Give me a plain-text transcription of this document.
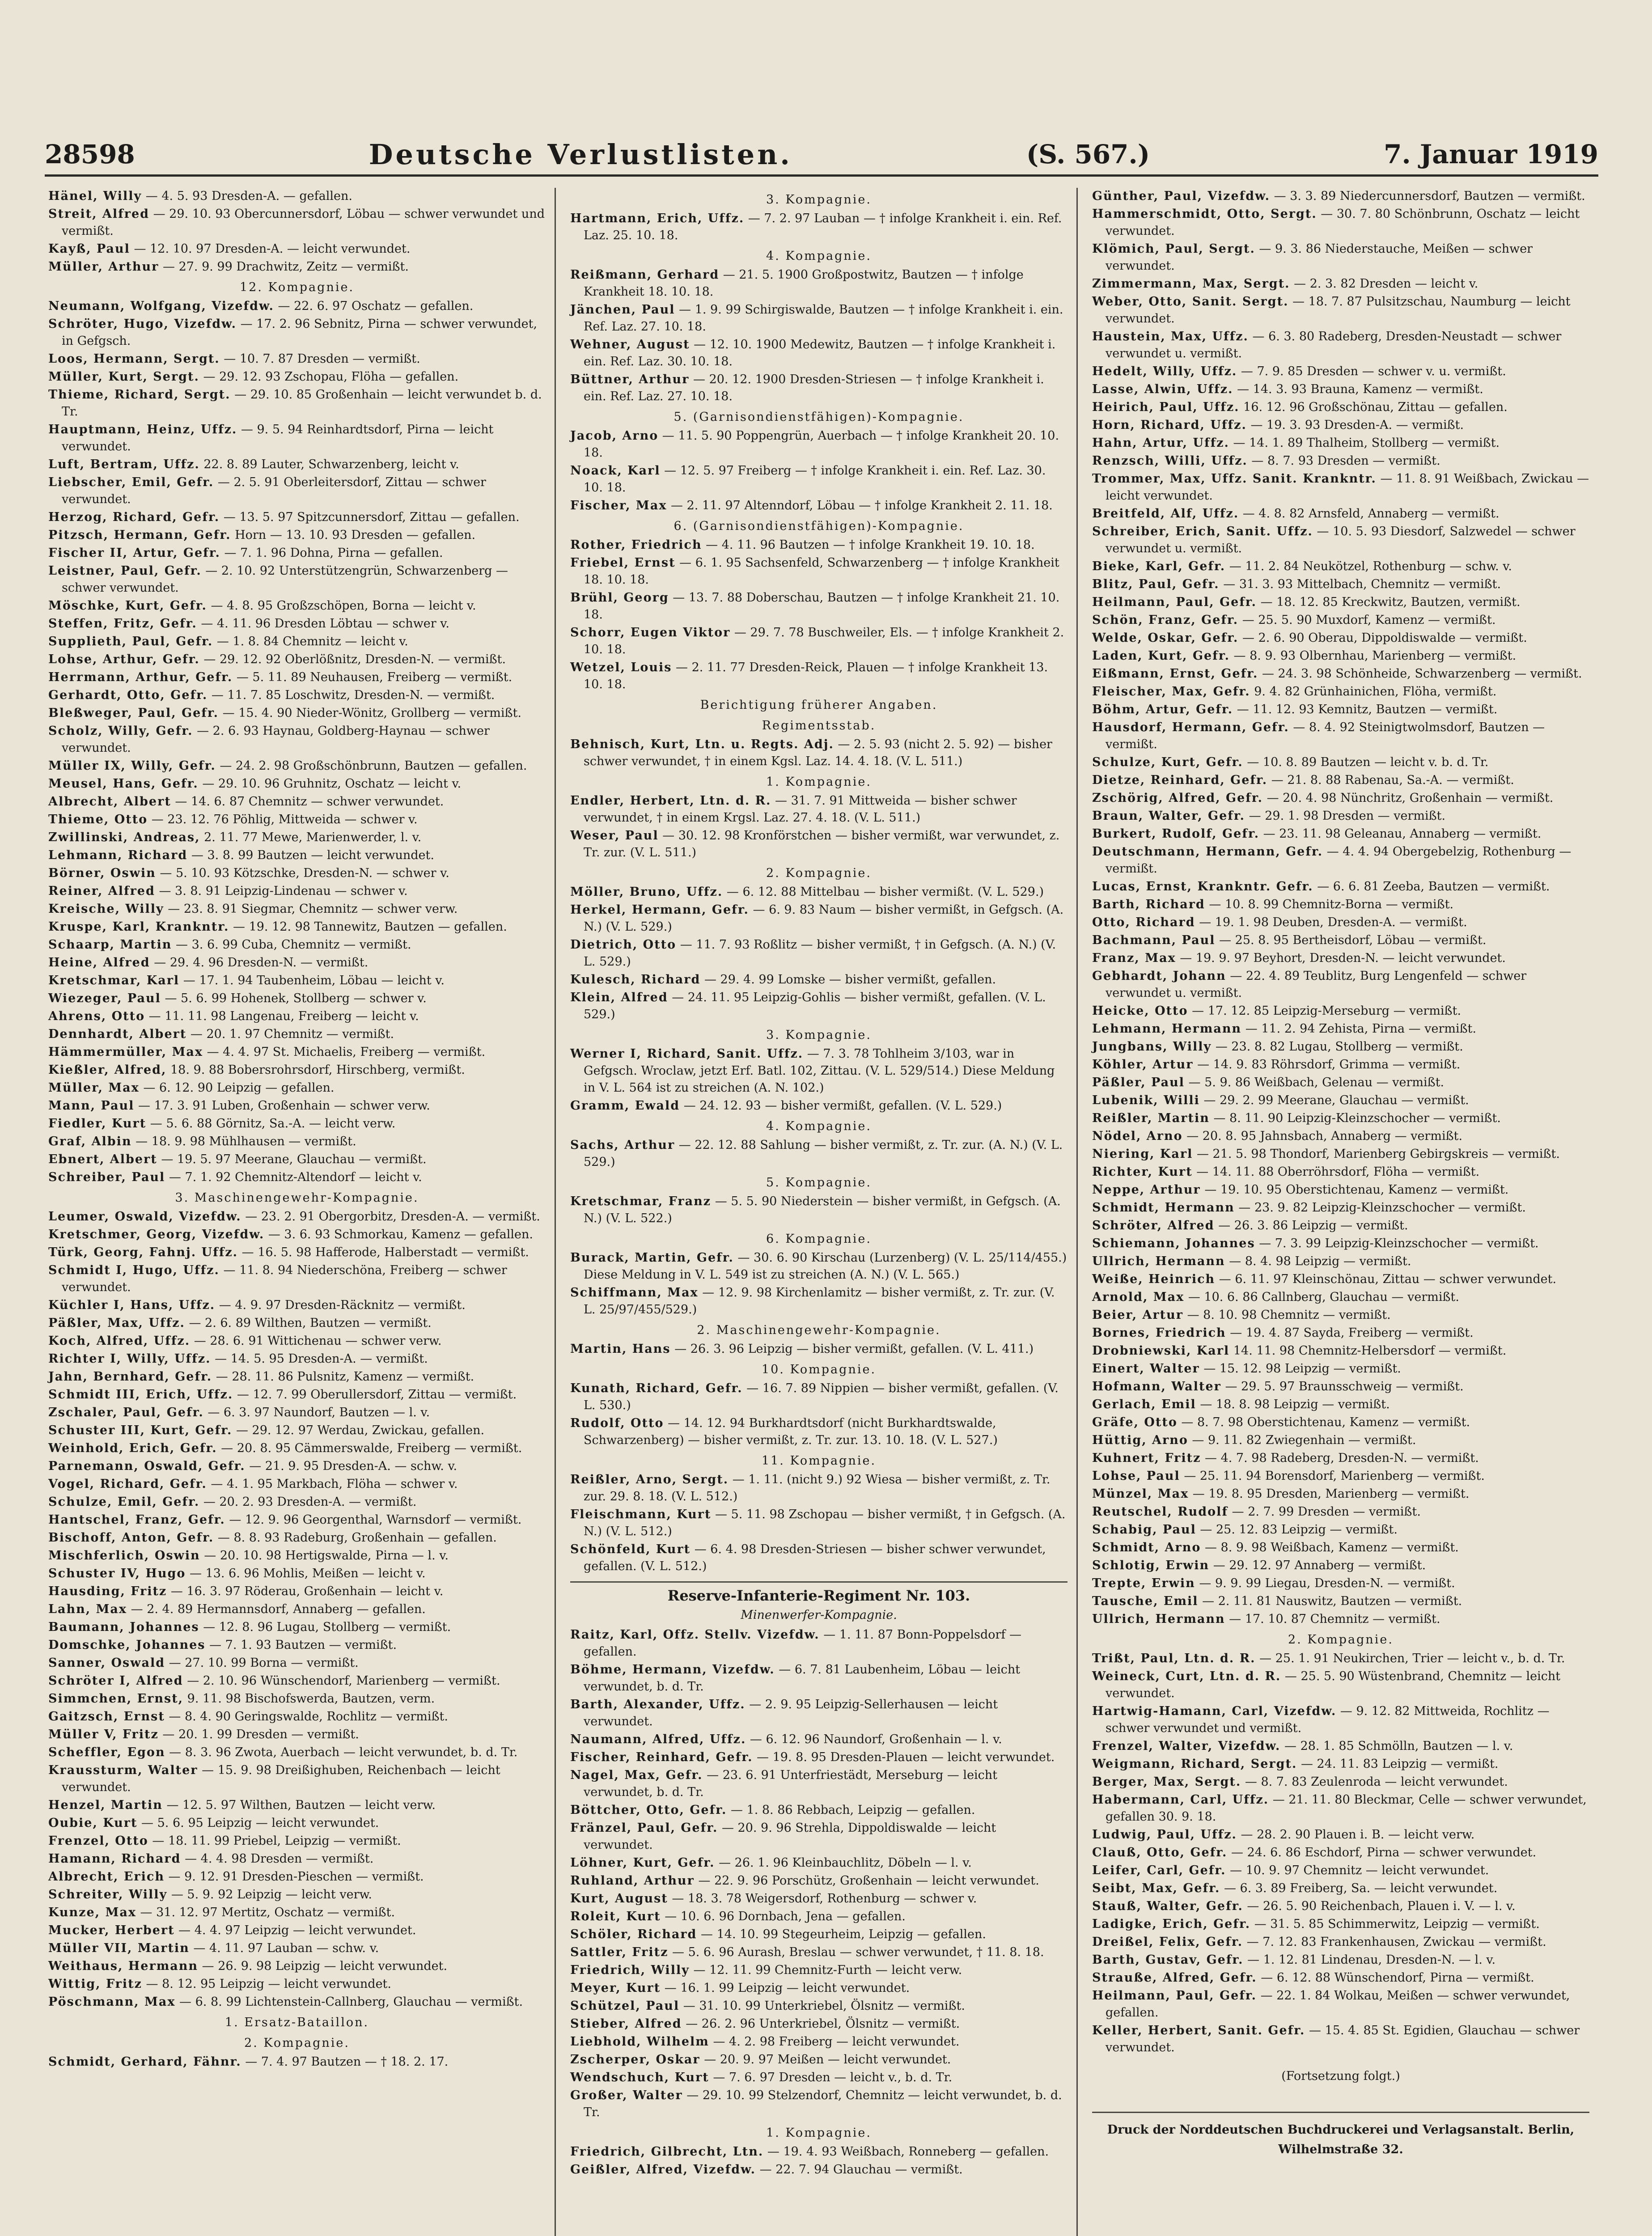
28598	Deutsche Verlustlisten.	(S. 567.)	7. Januar 1919
Hänel, Willy — 4. 5. 93 Dresden-A. — gefallen.
Streit, Alfred — 29. 10. 93 Obercunnersdorf, Löbau — schwer verwundet und vermißt.
Kayß, Paul — 12. 10. 97 Dresden-A. — leicht verwundet.
Müller, Arthur — 27. 9. 99 Drachwitz, Zeitz — vermißt.
12. Kompagnie.
Neumann, Wolfgang, Vizefdw. — 22. 6. 97 Oschatz — gefallen.
Schröter, Hugo, Vizefdw. — 17. 2. 96 Sebnitz, Pirna — schwer verwundet, in Gefgsch.
Loos, Hermann, Sergt. — 10. 7. 87 Dresden — vermißt.
Müller, Kurt, Sergt. — 29. 12. 93 Zschopau, Flöha — gefallen.
Thieme, Richard, Sergt. — 29. 10. 85 Großenhain — leicht verwundet b. d. Tr.
Hauptmann, Heinz, Uffz. — 9. 5. 94 Reinhardtsdorf, Pirna — leicht verwundet.
Luft, Bertram, Uffz. 22. 8. 89 Lauter, Schwarzenberg, leicht v.
Liebscher, Emil, Gefr. — 2. 5. 91 Oberleitersdorf, Zittau — schwer verwundet.
Herzog, Richard, Gefr. — 13. 5. 97 Spitzcunnersdorf, Zittau — gefallen.
Pitzsch, Hermann, Gefr. Horn — 13. 10. 93 Dresden — gefallen.
Fischer II, Artur, Gefr. — 7. 1. 96 Dohna, Pirna — gefallen.
Leistner, Paul, Gefr. — 2. 10. 92 Unterstützengrün, Schwarzenberg — schwer verwundet.
Möschke, Kurt, Gefr. — 4. 8. 95 Großzschöpen, Borna — leicht v.
Steffen, Fritz, Gefr. — 4. 11. 96 Dresden Löbtau — schwer v.
Supplieth, Paul, Gefr. — 1. 8. 84 Chemnitz — leicht v.
Lohse, Arthur, Gefr. — 29. 12. 92 Oberlößnitz, Dresden-N. — vermißt.
Herrmann, Arthur, Gefr. — 5. 11. 89 Neuhausen, Freiberg — vermißt.
Gerhardt, Otto, Gefr. — 11. 7. 85 Loschwitz, Dresden-N. — vermißt.
Bleßweger, Paul, Gefr. — 15. 4. 90 Nieder-Wönitz, Grollberg — vermißt.
Scholz, Willy, Gefr. — 2. 6. 93 Haynau, Goldberg-Haynau — schwer verwundet.
Müller IX, Willy, Gefr. — 24. 2. 98 Großschönbrunn, Bautzen — gefallen.
Meusel, Hans, Gefr. — 29. 10. 96 Gruhnitz, Oschatz — leicht v.
Albrecht, Albert — 14. 6. 87 Chemnitz — schwer verwundet.
Thieme, Otto — 23. 12. 76 Pöhlig, Mittweida — schwer v.
Zwillinski, Andreas, 2. 11. 77 Mewe, Marienwerder, l. v.
Lehmann, Richard — 3. 8. 99 Bautzen — leicht verwundet.
Börner, Oswin — 5. 10. 93 Kötzschke, Dresden-N. — schwer v.
Reiner, Alfred — 3. 8. 91 Leipzig-Lindenau — schwer v.
Kreische, Willy — 23. 8. 91 Siegmar, Chemnitz — schwer verw.
Kruspe, Karl, Krankntr. — 19. 12. 98 Tannewitz, Bautzen — gefallen.
Schaarp, Martin — 3. 6. 99 Cuba, Chemnitz — vermißt.
Heine, Alfred — 29. 4. 96 Dresden-N. — vermißt.
Kretschmar, Karl — 17. 1. 94 Taubenheim, Löbau — leicht v.
Wiezeger, Paul — 5. 6. 99 Hohenek, Stollberg — schwer v.
Ahrens, Otto — 11. 11. 98 Langenau, Freiberg — leicht v.
Dennhardt, Albert — 20. 1. 97 Chemnitz — vermißt.
Hämmermüller, Max — 4. 4. 97 St. Michaelis, Freiberg — vermißt.
Kießler, Alfred, 18. 9. 88 Bobersrohrsdorf, Hirschberg, vermißt.
Müller, Max — 6. 12. 90 Leipzig — gefallen.
Mann, Paul — 17. 3. 91 Luben, Großenhain — schwer verw.
Fiedler, Kurt — 5. 6. 88 Görnitz, Sa.-A. — leicht verw.
Graf, Albin — 18. 9. 98 Mühlhausen — vermißt.
Ebnert, Albert — 19. 5. 97 Meerane, Glauchau — vermißt.
Schreiber, Paul — 7. 1. 92 Chemnitz-Altendorf — leicht v.
3. Maschinengewehr-Kompagnie.
Leumer, Oswald, Vizefdw. — 23. 2. 91 Obergorbitz, Dresden-A. — vermißt.
Kretschmer, Georg, Vizefdw. — 3. 6. 93 Schmorkau, Kamenz — gefallen.
Türk, Georg, Fahnj. Uffz. — 16. 5. 98 Hafferode, Halberstadt — vermißt.
Schmidt I, Hugo, Uffz. — 11. 8. 94 Niederschöna, Freiberg — schwer verwundet.
Küchler I, Hans, Uffz. — 4. 9. 97 Dresden-Räcknitz — vermißt.
Päßler, Max, Uffz. — 2. 6. 89 Wilthen, Bautzen — vermißt.
Koch, Alfred, Uffz. — 28. 6. 91 Wittichenau — schwer verw.
Richter I, Willy, Uffz. — 14. 5. 95 Dresden-A. — vermißt.
Jahn, Bernhard, Gefr. — 28. 11. 86 Pulsnitz, Kamenz — vermißt.
Schmidt III, Erich, Uffz. — 12. 7. 99 Oberullersdorf, Zittau — vermißt.
Zschaler, Paul, Gefr. — 6. 3. 97 Naundorf, Bautzen — l. v.
Schuster III, Kurt, Gefr. — 29. 12. 97 Werdau, Zwickau, gefallen.
Weinhold, Erich, Gefr. — 20. 8. 95 Cämmerswalde, Freiberg — vermißt.
Parnemann, Oswald, Gefr. — 21. 9. 95 Dresden-A. — schw. v.
Vogel, Richard, Gefr. — 4. 1. 95 Markbach, Flöha — schwer v.
Schulze, Emil, Gefr. — 20. 2. 93 Dresden-A. — vermißt.
Hantschel, Franz, Gefr. — 12. 9. 96 Georgenthal, Warnsdorf — vermißt.
Bischoff, Anton, Gefr. — 8. 8. 93 Radeburg, Großenhain — gefallen.
Mischferlich, Oswin — 20. 10. 98 Hertigswalde, Pirna — l. v.
Schuster IV, Hugo — 13. 6. 96 Mohlis, Meißen — leicht v.
Hausding, Fritz — 16. 3. 97 Röderau, Großenhain — leicht v.
Lahn, Max — 2. 4. 89 Hermannsdorf, Annaberg — gefallen.
Baumann, Johannes — 12. 8. 96 Lugau, Stollberg — vermißt.
Domschke, Johannes — 7. 1. 93 Bautzen — vermißt.
Sanner, Oswald — 27. 10. 99 Borna — vermißt.
Schröter I, Alfred — 2. 10. 96 Wünschendorf, Marienberg — vermißt.
Simmchen, Ernst, 9. 11. 98 Bischofswerda, Bautzen, verm.
Gaitzsch, Ernst — 8. 4. 90 Geringswalde, Rochlitz — vermißt.
Müller V, Fritz — 20. 1. 99 Dresden — vermißt.
Scheffler, Egon — 8. 3. 96 Zwota, Auerbach — leicht verwundet, b. d. Tr.
Kraussturm, Walter — 15. 9. 98 Dreißighuben, Reichenbach — leicht verwundet.
Henzel, Martin — 12. 5. 97 Wilthen, Bautzen — leicht verw.
Oubie, Kurt — 5. 6. 95 Leipzig — leicht verwundet.
Frenzel, Otto — 18. 11. 99 Priebel, Leipzig — vermißt.
Hamann, Richard — 4. 4. 98 Dresden — vermißt.
Albrecht, Erich — 9. 12. 91 Dresden-Pieschen — vermißt.
Schreiter, Willy — 5. 9. 92 Leipzig — leicht verw.
Kunze, Max — 31. 12. 97 Mertitz, Oschatz — vermißt.
Mucker, Herbert — 4. 4. 97 Leipzig — leicht verwundet.
Müller VII, Martin — 4. 11. 97 Lauban — schw. v.
Weithaus, Hermann — 26. 9. 98 Leipzig — leicht verwundet.
Wittig, Fritz — 8. 12. 95 Leipzig — leicht verwundet.
Pöschmann, Max — 6. 8. 99 Lichtenstein-Callnberg, Glauchau — vermißt.
1. Ersatz-Bataillon.
2. Kompagnie.
Schmidt, Gerhard, Fähnr. — 7. 4. 97 Bautzen — † 18. 2. 17.
3. Kompagnie.
Hartmann, Erich, Uffz. — 7. 2. 97 Lauban — † infolge Krankheit i. ein. Ref. Laz. 25. 10. 18.
4. Kompagnie.
Reißmann, Gerhard — 21. 5. 1900 Großpostwitz, Bautzen — † infolge Krankheit 18. 10. 18.
Jänchen, Paul — 1. 9. 99 Schirgiswalde, Bautzen — † infolge Krankheit i. ein. Ref. Laz. 27. 10. 18.
Wehner, August — 12. 10. 1900 Medewitz, Bautzen — † infolge Krankheit i. ein. Ref. Laz. 30. 10. 18.
Büttner, Arthur — 20. 12. 1900 Dresden-Striesen — † infolge Krankheit i. ein. Ref. Laz. 27. 10. 18.
5. (Garnisondienstfähigen)-Kompagnie.
Jacob, Arno — 11. 5. 90 Poppengrün, Auerbach — † infolge Krankheit 20. 10. 18.
Noack, Karl — 12. 5. 97 Freiberg — † infolge Krankheit i. ein. Ref. Laz. 30. 10. 18.
Fischer, Max — 2. 11. 97 Altenndorf, Löbau — † infolge Krankheit 2. 11. 18.
6. (Garnisondienstfähigen)-Kompagnie.
Rother, Friedrich — 4. 11. 96 Bautzen — † infolge Krankheit 19. 10. 18.
Friebel, Ernst — 6. 1. 95 Sachsenfeld, Schwarzenberg — † infolge Krankheit 18. 10. 18.
Brühl, Georg — 13. 7. 88 Doberschau, Bautzen — † infolge Krankheit 21. 10. 18.
Schorr, Eugen Viktor — 29. 7. 78 Buschweiler, Els. — † infolge Krankheit 2. 10. 18.
Wetzel, Louis — 2. 11. 77 Dresden-Reick, Plauen — † infolge Krankheit 13. 10. 18.
Berichtigung früherer Angaben.
Regimentsstab.
Behnisch, Kurt, Ltn. u. Regts. Adj. — 2. 5. 93 (nicht 2. 5. 92) — bisher schwer verwundet, † in einem Kgsl. Laz. 14. 4. 18. (V. L. 511.)
1. Kompagnie.
Endler, Herbert, Ltn. d. R. — 31. 7. 91 Mittweida — bisher schwer verwundet, † in einem Krgsl. Laz. 27. 4. 18. (V. L. 511.)
Weser, Paul — 30. 12. 98 Kronförstchen — bisher vermißt, war verwundet, z. Tr. zur. (V. L. 511.)
2. Kompagnie.
Möller, Bruno, Uffz. — 6. 12. 88 Mittelbau — bisher vermißt. (V. L. 529.)
Herkel, Hermann, Gefr. — 6. 9. 83 Naum — bisher vermißt, in Gefgsch. (A. N.) (V. L. 529.)
Dietrich, Otto — 11. 7. 93 Roßlitz — bisher vermißt, † in Gefgsch. (A. N.) (V. L. 529.)
Kulesch, Richard — 29. 4. 99 Lomske — bisher vermißt, gefallen.
Klein, Alfred — 24. 11. 95 Leipzig-Gohlis — bisher vermißt, gefallen. (V. L. 529.)
3. Kompagnie.
Werner I, Richard, Sanit. Uffz. — 7. 3. 78 Tohlheim 3/103, war in Gefgsch. Wroclaw, jetzt Erf. Batl. 102, Zittau. (V. L. 529/514.) Diese Meldung in V. L. 564 ist zu streichen (A. N. 102.)
Gramm, Ewald — 24. 12. 93 — bisher vermißt, gefallen. (V. L. 529.)
4. Kompagnie.
Sachs, Arthur — 22. 12. 88 Sahlung — bisher vermißt, z. Tr. zur. (A. N.) (V. L. 529.)
5. Kompagnie.
Kretschmar, Franz — 5. 5. 90 Niederstein — bisher vermißt, in Gefgsch. (A. N.) (V. L. 522.)
6. Kompagnie.
Burack, Martin, Gefr. — 30. 6. 90 Kirschau (Lurzenberg) (V. L. 25/114/455.) Diese Meldung in V. L. 549 ist zu streichen (A. N.) (V. L. 565.)
Schiffmann, Max — 12. 9. 98 Kirchenlamitz — bisher vermißt, z. Tr. zur. (V. L. 25/97/455/529.)
2. Maschinengewehr-Kompagnie.
Martin, Hans — 26. 3. 96 Leipzig — bisher vermißt, gefallen. (V. L. 411.)
10. Kompagnie.
Kunath, Richard, Gefr. — 16. 7. 89 Nippien — bisher vermißt, gefallen. (V. L. 530.)
Rudolf, Otto — 14. 12. 94 Burkhardtsdorf (nicht Burkhardtswalde, Schwarzenberg) — bisher vermißt, z. Tr. zur. 13. 10. 18. (V. L. 527.)
11. Kompagnie.
Reißler, Arno, Sergt. — 1. 11. (nicht 9.) 92 Wiesa — bisher vermißt, z. Tr. zur. 29. 8. 18. (V. L. 512.)
Fleischmann, Kurt — 5. 11. 98 Zschopau — bisher vermißt, † in Gefgsch. (A. N.) (V. L. 512.)
Schönfeld, Kurt — 6. 4. 98 Dresden-Striesen — bisher schwer verwundet, gefallen. (V. L. 512.)
Reserve-Infanterie-Regiment Nr. 103.
Minenwerfer-Kompagnie.
Raitz, Karl, Offz. Stellv. Vizefdw. — 1. 11. 87 Bonn-Poppelsdorf — gefallen.
Böhme, Hermann, Vizefdw. — 6. 7. 81 Laubenheim, Löbau — leicht verwundet, b. d. Tr.
Barth, Alexander, Uffz. — 2. 9. 95 Leipzig-Sellerhausen — leicht verwundet.
Naumann, Alfred, Uffz. — 6. 12. 96 Naundorf, Großenhain — l. v.
Fischer, Reinhard, Gefr. — 19. 8. 95 Dresden-Plauen — leicht verwundet.
Nagel, Max, Gefr. — 23. 6. 91 Unterfriestädt, Merseburg — leicht verwundet, b. d. Tr.
Böttcher, Otto, Gefr. — 1. 8. 86 Rebbach, Leipzig — gefallen.
Fränzel, Paul, Gefr. — 20. 9. 96 Strehla, Dippoldiswalde — leicht verwundet.
Löhner, Kurt, Gefr. — 26. 1. 96 Kleinbauchlitz, Döbeln — l. v.
Ruhland, Arthur — 22. 9. 96 Porschütz, Großenhain — leicht verwundet.
Kurt, August — 18. 3. 78 Weigersdorf, Rothenburg — schwer v.
Roleit, Kurt — 10. 6. 96 Dornbach, Jena — gefallen.
Schöler, Richard — 14. 10. 99 Stegeurheim, Leipzig — gefallen.
Sattler, Fritz — 5. 6. 96 Aurash, Breslau — schwer verwundet, † 11. 8. 18.
Friedrich, Willy — 12. 11. 99 Chemnitz-Furth — leicht verw.
Meyer, Kurt — 16. 1. 99 Leipzig — leicht verwundet.
Schützel, Paul — 31. 10. 99 Unterkriebel, Ölsnitz — vermißt.
Stieber, Alfred — 26. 2. 96 Unterkriebel, Ölsnitz — vermißt.
Liebhold, Wilhelm — 4. 2. 98 Freiberg — leicht verwundet.
Zscherper, Oskar — 20. 9. 97 Meißen — leicht verwundet.
Wendschuch, Kurt — 7. 6. 97 Dresden — leicht v., b. d. Tr.
Großer, Walter — 29. 10. 99 Stelzendorf, Chemnitz — leicht verwundet, b. d. Tr.
1. Kompagnie.
Friedrich, Gilbrecht, Ltn. — 19. 4. 93 Weißbach, Ronneberg — gefallen.
Geißler, Alfred, Vizefdw. — 22. 7. 94 Glauchau — vermißt.
Günther, Paul, Vizefdw. — 3. 3. 89 Niedercunnersdorf, Bautzen — vermißt.
Hammerschmidt, Otto, Sergt. — 30. 7. 80 Schönbrunn, Oschatz — leicht verwundet.
Klömich, Paul, Sergt. — 9. 3. 86 Niederstauche, Meißen — schwer verwundet.
Zimmermann, Max, Sergt. — 2. 3. 82 Dresden — leicht v.
Weber, Otto, Sanit. Sergt. — 18. 7. 87 Pulsitzschau, Naumburg — leicht verwundet.
Haustein, Max, Uffz. — 6. 3. 80 Radeberg, Dresden-Neustadt — schwer verwundet u. vermißt.
Hedelt, Willy, Uffz. — 7. 9. 85 Dresden — schwer v. u. vermißt.
Lasse, Alwin, Uffz. — 14. 3. 93 Brauna, Kamenz — vermißt.
Heirich, Paul, Uffz. 16. 12. 96 Großschönau, Zittau — gefallen.
Horn, Richard, Uffz. — 19. 3. 93 Dresden-A. — vermißt.
Hahn, Artur, Uffz. — 14. 1. 89 Thalheim, Stollberg — vermißt.
Renzsch, Willi, Uffz. — 8. 7. 93 Dresden — vermißt.
Trommer, Max, Uffz. Sanit. Krankntr. — 11. 8. 91 Weißbach, Zwickau — leicht verwundet.
Breitfeld, Alf, Uffz. — 4. 8. 82 Arnsfeld, Annaberg — vermißt.
Schreiber, Erich, Sanit. Uffz. — 10. 5. 93 Diesdorf, Salzwedel — schwer verwundet u. vermißt.
Bieke, Karl, Gefr. — 11. 2. 84 Neukötzel, Rothenburg — schw. v.
Blitz, Paul, Gefr. — 31. 3. 93 Mittelbach, Chemnitz — vermißt.
Heilmann, Paul, Gefr. — 18. 12. 85 Kreckwitz, Bautzen, vermißt.
Schön, Franz, Gefr. — 25. 5. 90 Muxdorf, Kamenz — vermißt.
Welde, Oskar, Gefr. — 2. 6. 90 Oberau, Dippoldiswalde — vermißt.
Laden, Kurt, Gefr. — 8. 9. 93 Olbernhau, Marienberg — vermißt.
Eißmann, Ernst, Gefr. — 24. 3. 98 Schönheide, Schwarzenberg — vermißt.
Fleischer, Max, Gefr. 9. 4. 82 Grünhainichen, Flöha, vermißt.
Böhm, Artur, Gefr. — 11. 12. 93 Kemnitz, Bautzen — vermißt.
Hausdorf, Hermann, Gefr. — 8. 4. 92 Steinigtwolmsdorf, Bautzen — vermißt.
Schulze, Kurt, Gefr. — 10. 8. 89 Bautzen — leicht v. b. d. Tr.
Dietze, Reinhard, Gefr. — 21. 8. 88 Rabenau, Sa.-A. — vermißt.
Zschörig, Alfred, Gefr. — 20. 4. 98 Nünchritz, Großenhain — vermißt.
Braun, Walter, Gefr. — 29. 1. 98 Dresden — vermißt.
Burkert, Rudolf, Gefr. — 23. 11. 98 Geleanau, Annaberg — vermißt.
Deutschmann, Hermann, Gefr. — 4. 4. 94 Obergebelzig, Rothenburg — vermißt.
Lucas, Ernst, Krankntr. Gefr. — 6. 6. 81 Zeeba, Bautzen — vermißt.
Barth, Richard — 10. 8. 99 Chemnitz-Borna — vermißt.
Otto, Richard — 19. 1. 98 Deuben, Dresden-A. — vermißt.
Bachmann, Paul — 25. 8. 95 Bertheisdorf, Löbau — vermißt.
Franz, Max — 19. 9. 97 Beyhort, Dresden-N. — leicht verwundet.
Gebhardt, Johann — 22. 4. 89 Teublitz, Burg Lengenfeld — schwer verwundet u. vermißt.
Heicke, Otto — 17. 12. 85 Leipzig-Merseburg — vermißt.
Lehmann, Hermann — 11. 2. 94 Zehista, Pirna — vermißt.
Jungbans, Willy — 23. 8. 82 Lugau, Stollberg — vermißt.
Köhler, Artur — 14. 9. 83 Röhrsdorf, Grimma — vermißt.
Päßler, Paul — 5. 9. 86 Weißbach, Gelenau — vermißt.
Lubenik, Willi — 29. 2. 99 Meerane, Glauchau — vermißt.
Reißler, Martin — 8. 11. 90 Leipzig-Kleinzschocher — vermißt.
Nödel, Arno — 20. 8. 95 Jahnsbach, Annaberg — vermißt.
Niering, Karl — 21. 5. 98 Thondorf, Marienberg Gebirgskreis — vermißt.
Richter, Kurt — 14. 11. 88 Oberröhrsdorf, Flöha — vermißt.
Neppe, Arthur — 19. 10. 95 Oberstichtenau, Kamenz — vermißt.
Schmidt, Hermann — 23. 9. 82 Leipzig-Kleinzschocher — vermißt.
Schröter, Alfred — 26. 3. 86 Leipzig — vermißt.
Schiemann, Johannes — 7. 3. 99 Leipzig-Kleinzschocher — vermißt.
Ullrich, Hermann — 8. 4. 98 Leipzig — vermißt.
Weiße, Heinrich — 6. 11. 97 Kleinschönau, Zittau — schwer verwundet.
Arnold, Max — 10. 6. 86 Callnberg, Glauchau — vermißt.
Beier, Artur — 8. 10. 98 Chemnitz — vermißt.
Bornes, Friedrich — 19. 4. 87 Sayda, Freiberg — vermißt.
Drobniewski, Karl 14. 11. 98 Chemnitz-Helbersdorf — vermißt.
Einert, Walter — 15. 12. 98 Leipzig — vermißt.
Hofmann, Walter — 29. 5. 97 Braunsschweig — vermißt.
Gerlach, Emil — 18. 8. 98 Leipzig — vermißt.
Gräfe, Otto — 8. 7. 98 Oberstichtenau, Kamenz — vermißt.
Hüttig, Arno — 9. 11. 82 Zwiegenhain — vermißt.
Kuhnert, Fritz — 4. 7. 98 Radeberg, Dresden-N. — vermißt.
Lohse, Paul — 25. 11. 94 Borensdorf, Marienberg — vermißt.
Münzel, Max — 19. 8. 95 Dresden, Marienberg — vermißt.
Reutschel, Rudolf — 2. 7. 99 Dresden — vermißt.
Schabig, Paul — 25. 12. 83 Leipzig — vermißt.
Schmidt, Arno — 8. 9. 98 Weißbach, Kamenz — vermißt.
Schlotig, Erwin — 29. 12. 97 Annaberg — vermißt.
Trepte, Erwin — 9. 9. 99 Liegau, Dresden-N. — vermißt.
Tausche, Emil — 2. 11. 81 Nauswitz, Bautzen — vermißt.
Ullrich, Hermann — 17. 10. 87 Chemnitz — vermißt.
2. Kompagnie.
Trißt, Paul, Ltn. d. R. — 25. 1. 91 Neukirchen, Trier — leicht v., b. d. Tr.
Weineck, Curt, Ltn. d. R. — 25. 5. 90 Wüstenbrand, Chemnitz — leicht verwundet.
Hartwig-Hamann, Carl, Vizefdw. — 9. 12. 82 Mittweida, Rochlitz — schwer verwundet und vermißt.
Frenzel, Walter, Vizefdw. — 28. 1. 85 Schmölln, Bautzen — l. v.
Weigmann, Richard, Sergt. — 24. 11. 83 Leipzig — vermißt.
Berger, Max, Sergt. — 8. 7. 83 Zeulenroda — leicht verwundet.
Habermann, Carl, Uffz. — 21. 11. 80 Bleckmar, Celle — schwer verwundet, gefallen 30. 9. 18.
Ludwig, Paul, Uffz. — 28. 2. 90 Plauen i. B. — leicht verw.
Clauß, Otto, Gefr. — 24. 6. 86 Eschdorf, Pirna — schwer verwundet.
Leifer, Carl, Gefr. — 10. 9. 97 Chemnitz — leicht verwundet.
Seibt, Max, Gefr. — 6. 3. 89 Freiberg, Sa. — leicht verwundet.
Stauß, Walter, Gefr. — 26. 5. 90 Reichenbach, Plauen i. V. — l. v.
Ladigke, Erich, Gefr. — 31. 5. 85 Schimmerwitz, Leipzig — vermißt.
Dreißel, Felix, Gefr. — 7. 12. 83 Frankenhausen, Zwickau — vermißt.
Barth, Gustav, Gefr. — 1. 12. 81 Lindenau, Dresden-N. — l. v.
Strauße, Alfred, Gefr. — 6. 12. 88 Wünschendorf, Pirna — vermißt.
Heilmann, Paul, Gefr. — 22. 1. 84 Wolkau, Meißen — schwer verwundet, gefallen.
Keller, Herbert, Sanit. Gefr. — 15. 4. 85 St. Egidien, Glauchau — schwer verwundet.
(Fortsetzung folgt.)
Druck der Norddeutschen Buchdruckerei und Verlagsanstalt. Berlin, Wilhelmstraße 32.
